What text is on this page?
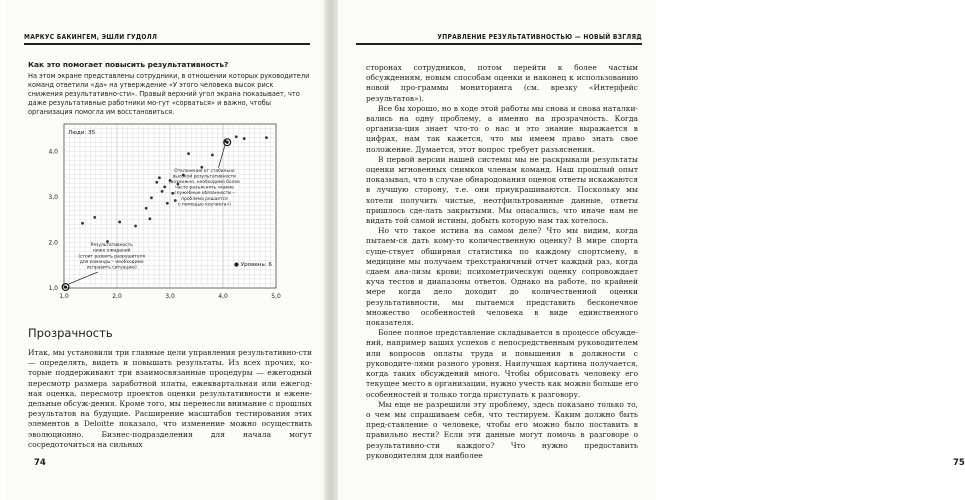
МАРКУС БАКИНГЕМ, ЭШЛИ ГУДОЛЛ
Как это помогает повысить результативность?

На этом экране представлены сотрудники, в отношении которых руководители команд ответили «да» на утверждение «У этого человека высок риск снижения результативно-сти». Правый верхний угол экрана показывает, что даже результативные работники мо-гут «сорваться» и важно, чтобы организация помогла им восстановиться.

1,0	2,0	3,0	4,0	5,0
1,0
2,0
3,0
4,0
Люди: 35
● Уровень: 6
Отклонение от стабильно
высокой результативности
(возможно, необходимо более
часто разъяснять «какие
служебные обязанности –
проблема решается
с помощью коучинга»)
Результативность
ниже ожиданий
(стоит развить разрушителя
для команды – необходимо
исправить ситуацию)
Прозрачность

Итак, мы установили три главные цели управления результативно-сти — определять, видеть и повышать результаты. Из всех прочих, ко-торые поддерживают три взаимосвязанные процедуры — ежегодный пересмотр размера заработной платы, ежеквартальная или ежегод-ная оценка, пересмотр проектов оценки результативности и ежене-дельные обсуж-дения. Кроме того, мы перенесли внимание с прошлых результатов на будущие. Расширение масштабов тестирования этих элементов в Deloitte показало, что изменение можно осуществить эволюционно. Бизнес-подразделения для начала могут сосредоточиться на сильных

74
УПРАВЛЕНИЕ РЕЗУЛЬТАТИВНОСТЬЮ — НОВЫЙ ВЗГЛЯД
75

сторонах сотрудников, потом перейти к более частым обсуждениям, новым способам оценки и наконец к использованию новой про-граммы мониторинга (см. врезку «Интерфейс результатов»).

Все бы хорошо, но в ходе этой работы мы снова и снова наталки-вались на одну проблему, а именно на прозрачность. Когда организа-ция знает что-то о нас и это знание выражается в цифрах, нам так кажется, что мы имеем право знать свое положение. Думается, этот вопрос требует разъяснения.

В первой версии нашей системы мы не раскрывали результаты оценки мгновенных снимков членам команд. Наш прошлый опыт показывал, что в случае обнародования оценок ответы искажаются в лучшую сторону, т.е. они приукрашиваются. Поскольку мы хотели получить чистые, неотфильтрованные данные, ответы пришлось сде-лать закрытыми. Мы опасались, что иначе нам не видать той самой истины, добыть которую нам так хотелось.

Но что такое истина на самом деле? Что мы видим, когда пытаем-ся дать кому-то количественную оценку? В мире спорта суще-ствует обширная статистика по каждому спортсмену, в медицине мы получаем трехстраничный отчет каждый раз, когда сдаем ана-лизы крови; психометрическую оценку сопровождает куча тестов и диапазоны ответов. Однако на работе, по крайней мере когда дело доходит до количественной оценки результативности, мы пытаемся представить бесконечное множество особенностей человека в виде единственного показателя.

Более полное представление складывается в процессе обсужде-ний, например ваших успехов с непосредственным руководителем или вопросов оплаты труда и повышения в должности с руководите-лями разного уровня. Наилучшая картина получается, когда таких обсуждений много. Чтобы обрисовать человеку его текущее место в организации, нужно учесть как можно больше его особенностей и только тогда приступать к разговору.

Мы еще не разрешили эту проблему, здесь показано только то, о чем мы спрашиваем себя, что тестируем. Каким должно быть пред-ставление о человеке, чтобы его можно было поставить в правильно нести? Если эти данные могут помочь в разговоре о результативно-сти каждого? Что нужно предоставить руководителям для наиболее
